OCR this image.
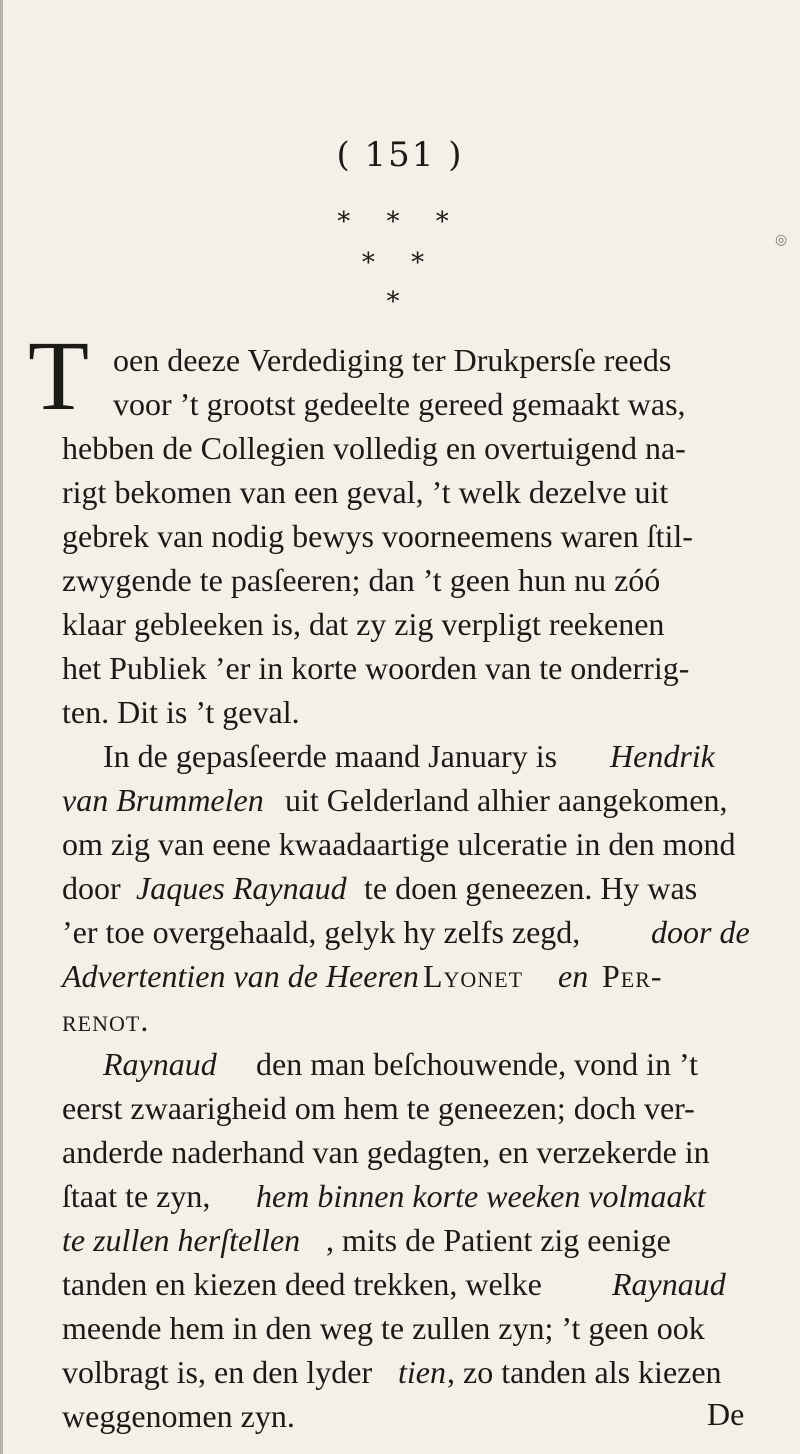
◎
( 151 )
* * *
* *
*
T oen deeze Verdediging ter Drukpersſe reeds
voor ’t grootst gedeelte gereed gemaakt was,
hebben de Collegien volledig en overtuigend na-
rigt bekomen van een geval, ’t welk dezelve uit
gebrek van nodig bewys voorneemens waren ſtil-
zwygende te pasſeeren; dan ’t geen hun nu zóó
klaar gebleeken is, dat zy zig verpligt reekenen
het Publiek ’er in korte woorden van te onderrig-
ten. Dit is ’t geval.
In de gepasſeerde maand January is Hendrik
van Brummelen uit Gelderland alhier aangekomen,
om zig van eene kwaadaartige ulceratie in den mond
door Jaques Raynaud te doen geneezen. Hy was
’er toe overgehaald, gelyk hy zelfs zegd, door de
Advertentien van de Heeren Lyonet en Per-
renot.
Raynaud den man beſchouwende, vond in ’t
eerst zwaarigheid om hem te geneezen; doch ver-
anderde naderhand van gedagten, en verzekerde in
ſtaat te zyn, hem binnen korte weeken volmaakt
te zullen herſtellen , mits de Patient zig eenige
tanden en kiezen deed trekken, welke Raynaud
meende hem in den weg te zullen zyn; ’t geen ook
volbragt is, en den lyder tien , zo tanden als kiezen
weggenomen zyn.	De
